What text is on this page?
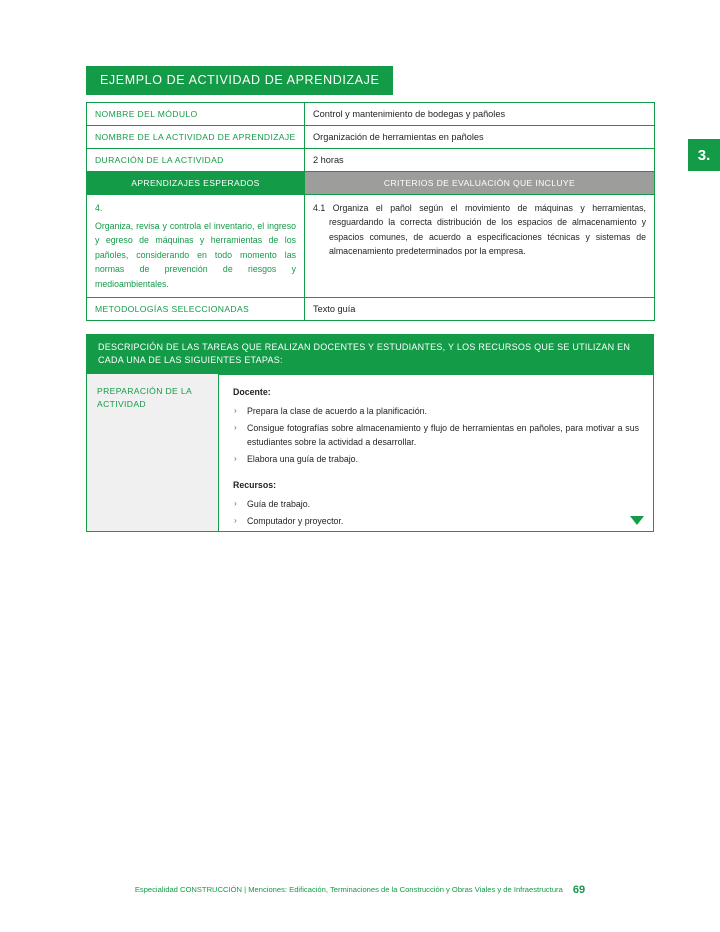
3.
EJEMPLO DE ACTIVIDAD DE APRENDIZAJE
NOMBRE DEL MÓDULO	Control y mantenimiento de bodegas y pañoles
NOMBRE DE LA ACTIVIDAD DE APRENDIZAJE	Organización de herramientas en pañoles
DURACIÓN DE LA ACTIVIDAD	2 horas
APRENDIZAJES ESPERADOS	CRITERIOS DE EVALUACIÓN QUE INCLUYE

4.
Organiza, revisa y controla el inventario, el ingreso y egreso de máquinas y herramientas de los pañoles, considerando en todo momento las normas de prevención de riesgos y medioambientales.	4.1 Organiza el pañol según el movimiento de máquinas y herramientas, resguardando la correcta distribución de los espacios de almacenamiento y espacios comunes, de acuerdo a especificaciones técnicas y sistemas de almacenamiento predeterminados por la empresa.

METODOLOGÍAS SELECCIONADAS	Texto guía
DESCRIPCIÓN DE LAS TAREAS QUE REALIZAN DOCENTES Y ESTUDIANTES, Y LOS RECURSOS QUE SE UTILIZAN EN CADA UNA DE LAS SIGUIENTES ETAPAS:
PREPARACIÓN DE LA ACTIVIDAD
Docente:
› Prepara la clase de acuerdo a la planificación.
› Consigue fotografías sobre almacenamiento y flujo de herramientas en pañoles, para motivar a sus estudiantes sobre la actividad a desarrollar.
› Elabora una guía de trabajo.
Recursos:
› Guía de trabajo.
› Computador y proyector.
Especialidad CONSTRUCCIÓN | Menciones: Edificación, Terminaciones de la Construcción y Obras Viales y de Infraestructura 69
